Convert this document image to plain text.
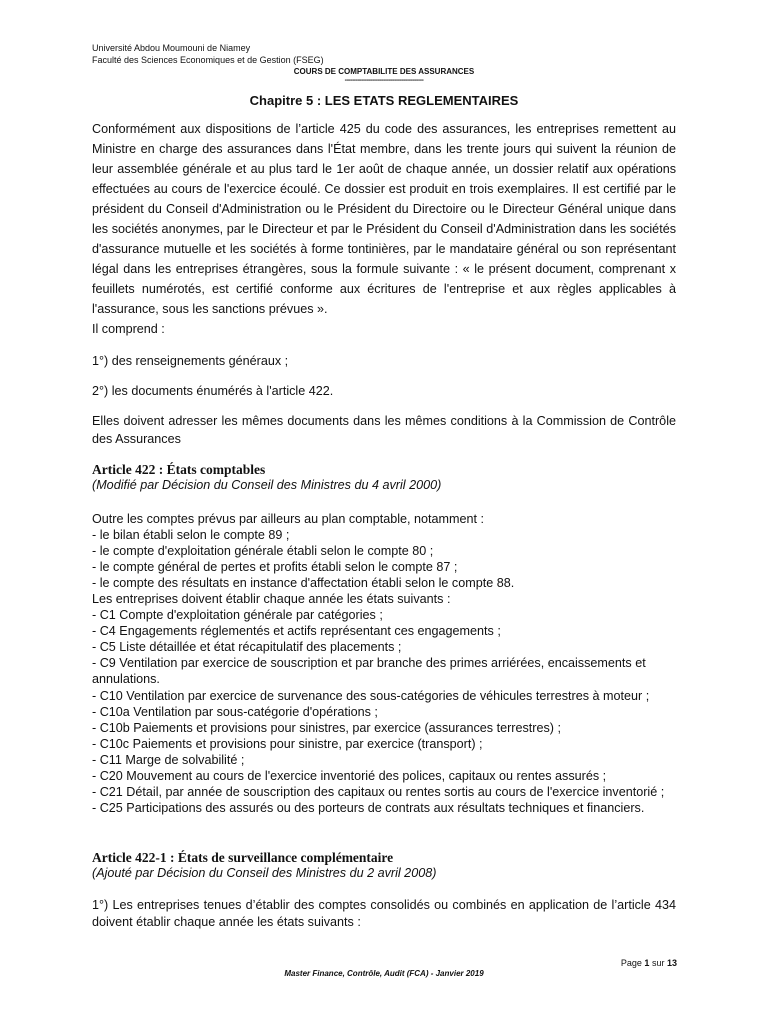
Université Abdou Moumouni de Niamey
Faculté des Sciences Economiques et de Gestion (FSEG)
COURS DE COMPTABILITE DES ASSURANCES
-------------------------------------------
Chapitre 5 : LES ETATS REGLEMENTAIRES

Conformément aux dispositions de l’article 425 du code des assurances, les entreprises remettent au Ministre en charge des assurances dans l'État membre, dans les trente jours qui suivent la réunion de leur assemblée générale et au plus tard le 1er août de chaque année, un dossier relatif aux opérations effectuées au cours de l'exercice écoulé. Ce dossier est produit en trois exemplaires. Il est certifié par le président du Conseil d'Administration ou le Président du Directoire ou le Directeur Général unique dans les sociétés anonymes, par le Directeur et par le Président du Conseil d'Administration dans les sociétés d'assurance mutuelle et les sociétés à forme tontinières, par le mandataire général ou son représentant légal dans les entreprises étrangères, sous la formule suivante : « le présent document, comprenant x feuillets numérotés, est certifié conforme aux écritures de l'entreprise et aux règles applicables à l'assurance, sous les sanctions prévues ».

Il comprend :
1°) des renseignements généraux ;
2°) les documents énumérés à l'article 422.
Elles doivent adresser les mêmes documents dans les mêmes conditions à la Commission de Contrôle des Assurances
Article 422 : États comptables
(Modifié par Décision du Conseil des Ministres du 4 avril 2000)
Outre les comptes prévus par ailleurs au plan comptable, notamment :
- le bilan établi selon le compte 89 ;
- le compte d'exploitation générale établi selon le compte 80 ;
- le compte général de pertes et profits établi selon le compte 87 ;
- le compte des résultats en instance d'affectation établi selon le compte 88.
Les entreprises doivent établir chaque année les états suivants :
- C1 Compte d'exploitation générale par catégories ;
- C4 Engagements réglementés et actifs représentant ces engagements ;
- C5 Liste détaillée et état récapitulatif des placements ;
- C9 Ventilation par exercice de souscription et par branche des primes arriérées, encaissements et annulations.
- C10 Ventilation par exercice de survenance des sous-catégories de véhicules terrestres à moteur ;
- C10a Ventilation par sous-catégorie d'opérations ;
- C10b Paiements et provisions pour sinistres, par exercice (assurances terrestres) ;
- C10c Paiements et provisions pour sinistre, par exercice (transport) ;
- C11 Marge de solvabilité ;
- C20 Mouvement au cours de l'exercice inventorié des polices, capitaux ou rentes assurés ;
- C21 Détail, par année de souscription des capitaux ou rentes sortis au cours de l'exercice inventorié ;
- C25 Participations des assurés ou des porteurs de contrats aux résultats techniques et financiers.
Article 422-1 : États de surveillance complémentaire
(Ajouté par Décision du Conseil des Ministres du 2 avril 2008)
1°) Les entreprises tenues d’établir des comptes consolidés ou combinés en application de l’article 434 doivent établir chaque année les états suivants :
Page 1 sur 13
Master Finance, Contrôle, Audit (FCA) - Janvier 2019
